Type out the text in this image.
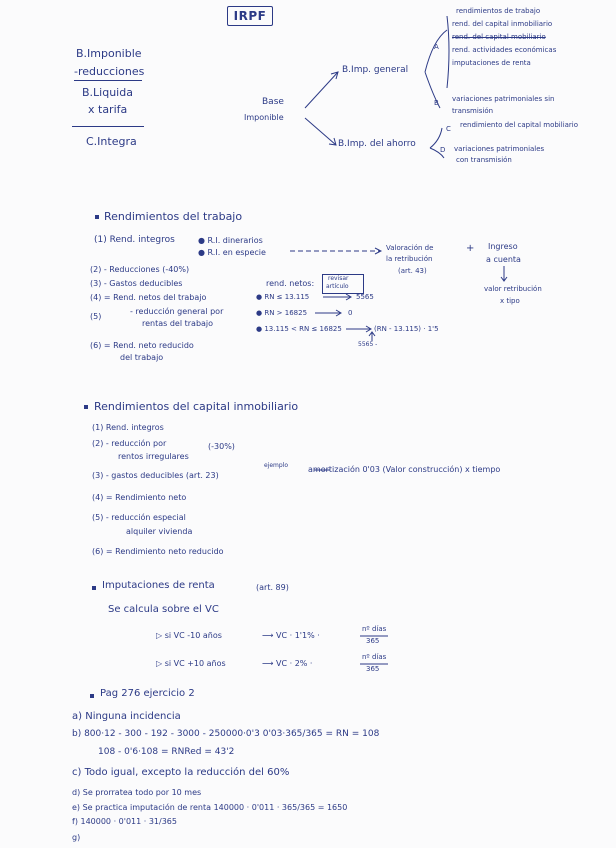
IRPF
B.Imponible
-reducciones
B.Liquida
x tarifa
C.Integra
Base
Imponible
B.Imp. general
B.Imp. del ahorro
A
B
C
D
rendimientos de trabajo
rend. del capital inmobiliario
rend. del capital mobiliario
rend. actividades económicas
imputaciones de renta
variaciones patrimoniales sin
transmisión
rendimiento del capital mobiliario
variaciones patrimoniales
con transmisión
Rendimientos del trabajo
(1) Rend. integros	● R.I. dinerarios
● R.I. en especie	Valoración de
la retribución
(art. 43)
+ Ingreso
a cuenta
valor retribución
x tipo
(2) - Reducciones (-40%)
(3) - Gastos deducibles	rend. netos:
revisar
artículo
(4) = Rend. netos del trabajo	● RN ≤ 13.115	5565
(5)
- reducción general por
rentas del trabajo
● RN > 16825	0
● 13.115 < RN ≤ 16825	(RN - 13.115) · 1'5
5565 -
(6) = Rend. neto reducido
del trabajo
Rendimientos del capital inmobiliario
(1) Rend. integros
(2) - reducción por
rentos irregulares
(-30%)
(3) - gastos deducibles (art. 23)
ejemplo amortización 0'03 (Valor construcción) x tiempo
(4) = Rendimiento neto
(5) - reducción especial
alquiler vivienda
(6) = Rendimiento neto reducido
Imputaciones de renta	(art. 89)
Se calcula sobre el VC
▷ si VC -10 años	⟶ VC · 1'1% ·
nº días
365
▷ si VC +10 años	⟶ VC · 2% ·
nº días
365
Pag 276 ejercicio 2
a) Ninguna incidencia
b) 800·12 - 300 - 192 - 3000 - 250000·0'3 0'03·365/365 = RN = 108
108 - 0'6·108 = RNRed = 43'2
c) Todo igual, excepto la reducción del 60%
d) Se prorratea todo por 10 mes
e) Se practica imputación de renta 140000 · 0'011 · 365/365 = 1650
f) 140000 · 0'011 · 31/365
g)
